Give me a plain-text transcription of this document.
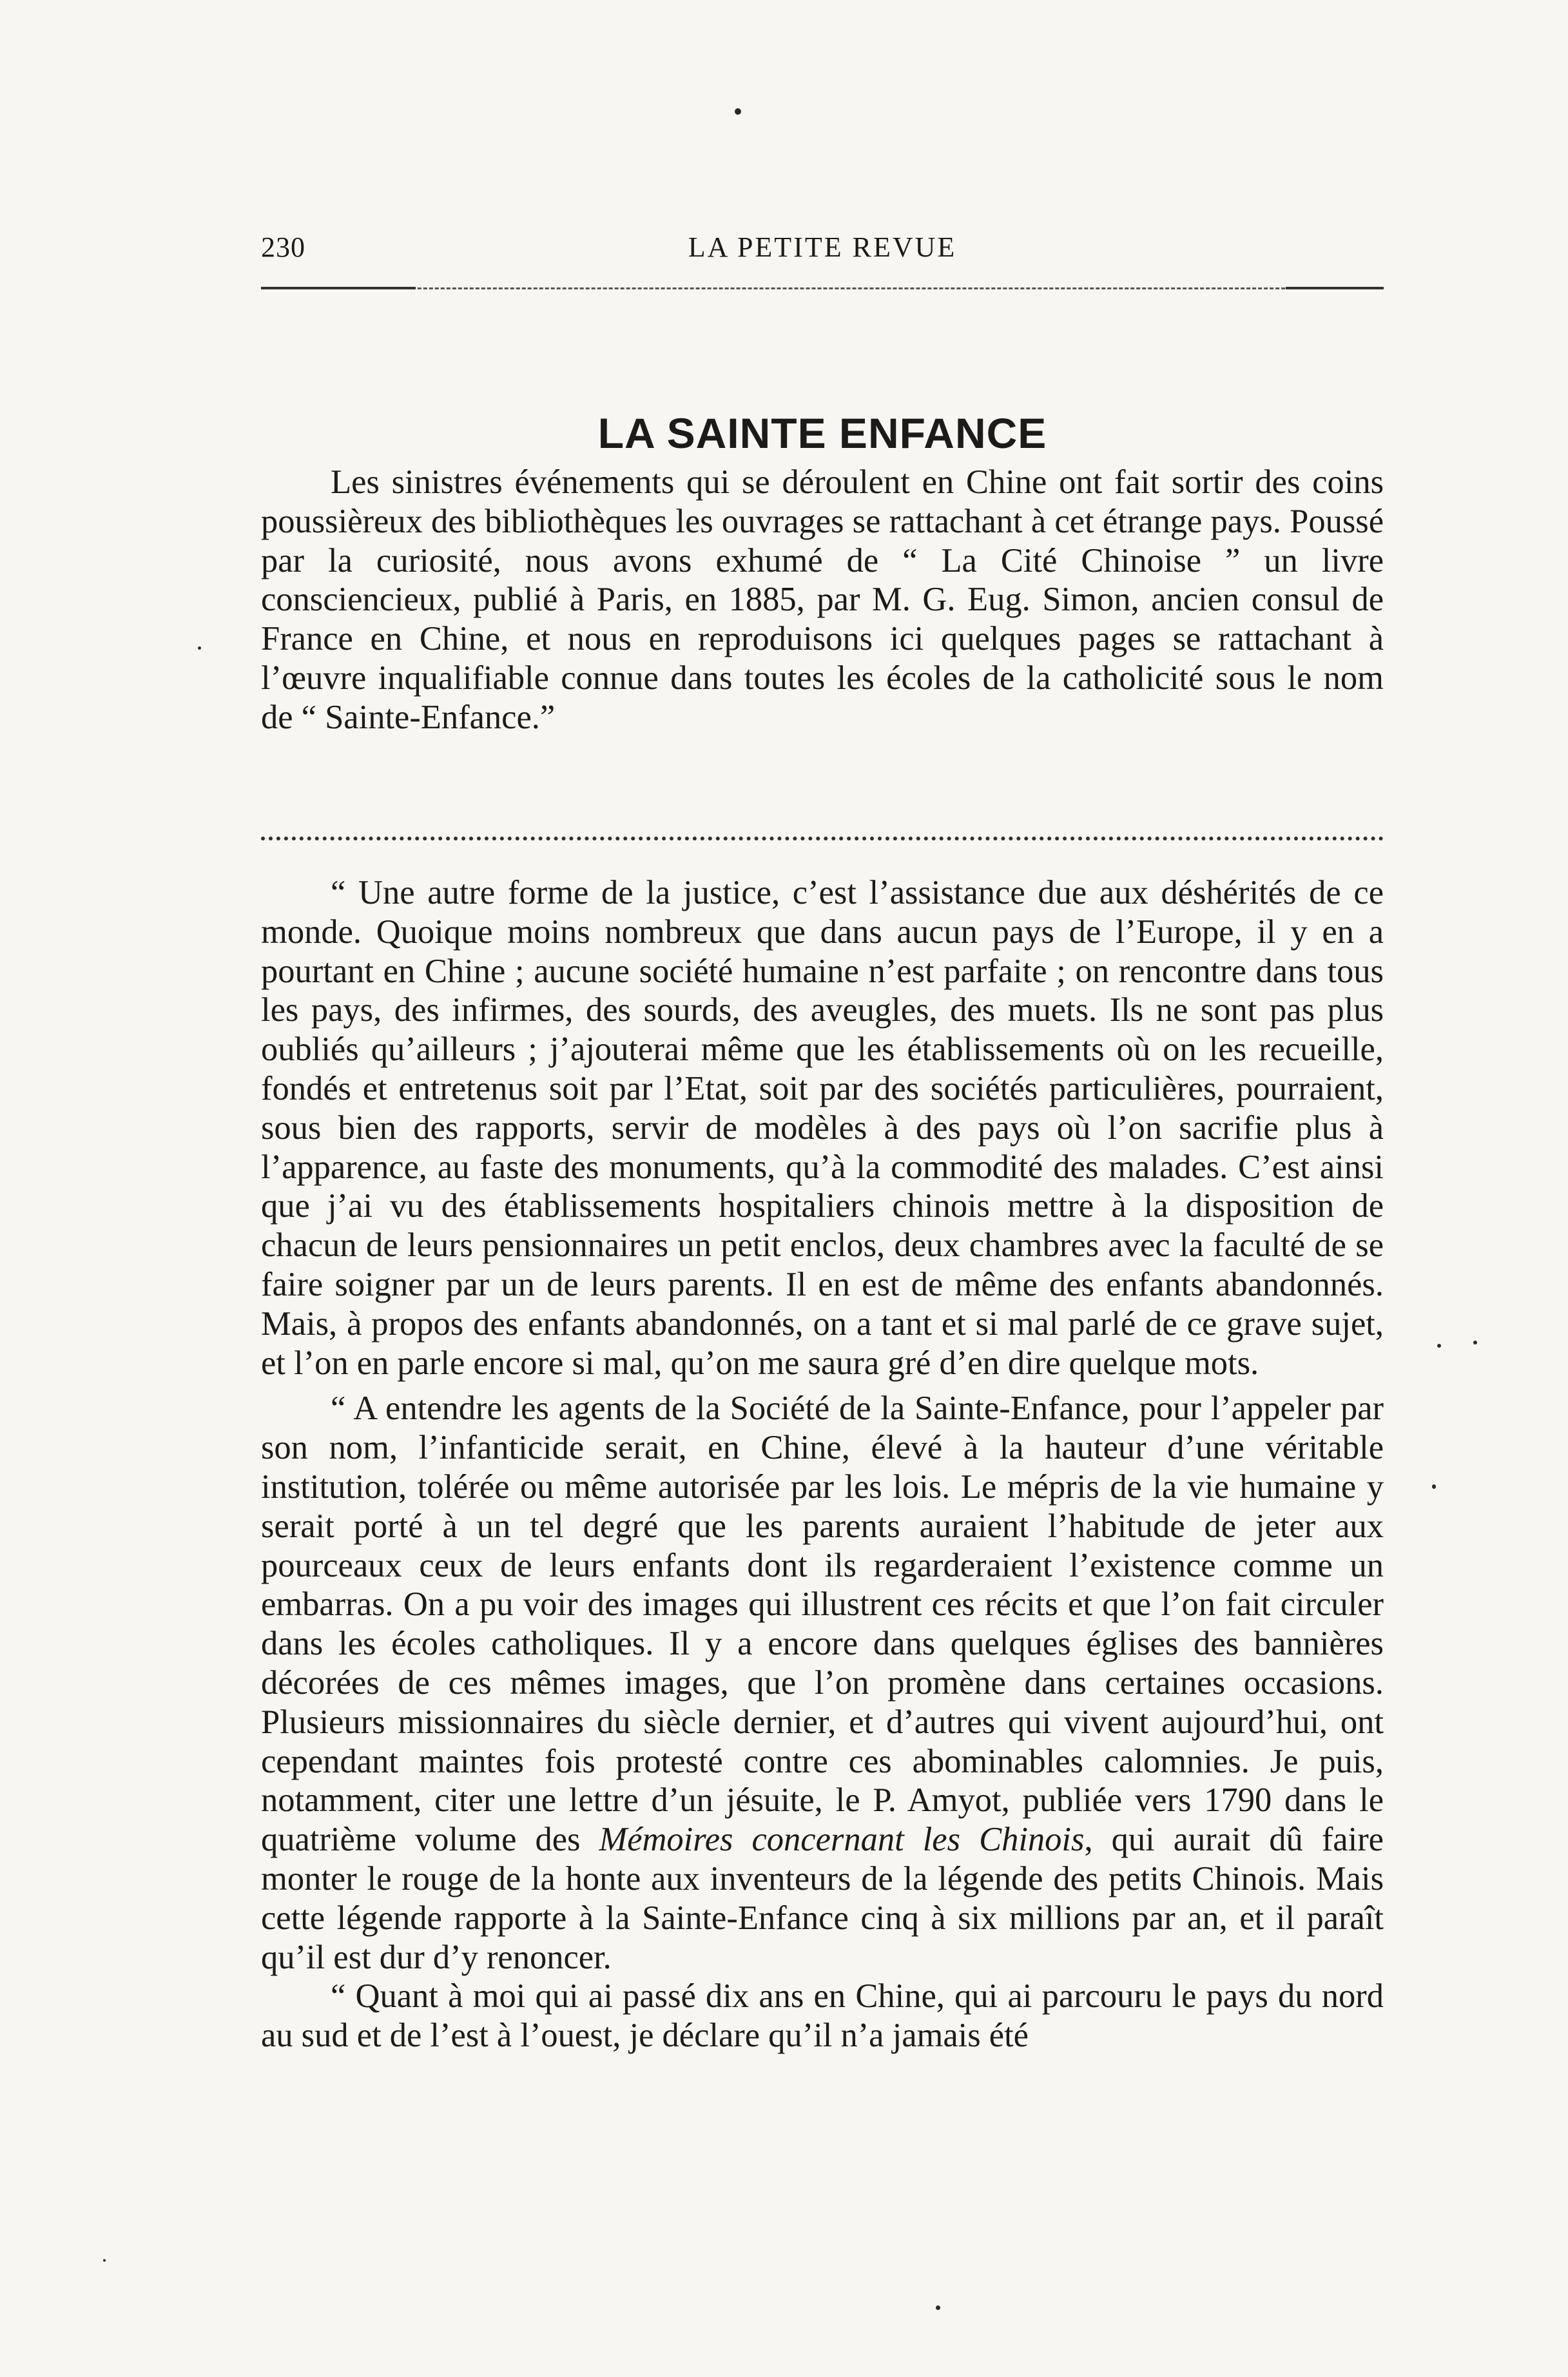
230	LA PETITE REVUE
LA SAINTE ENFANCE

Les sinistres événements qui se déroulent en Chine ont fait sortir des coins poussièreux des bibliothèques les ouvrages se rattachant à cet étrange pays. Poussé par la curiosité, nous avons exhumé de “ La Cité Chinoise ” un livre consciencieux, publié à Paris, en 1885, par M. G. Eug. Simon, ancien consul de France en Chine, et nous en reproduisons ici quelques pages se rattachant à l’œuvre inqualifiable connue dans toutes les écoles de la catholicité sous le nom de “ Sainte-Enfance.”

“ Une autre forme de la justice, c’est l’assistance due aux déshérités de ce monde. Quoique moins nombreux que dans aucun pays de l’Europe, il y en a pourtant en Chine ; aucune société humaine n’est parfaite ; on rencontre dans tous les pays, des infirmes, des sourds, des aveugles, des muets. Ils ne sont pas plus oubliés qu’ailleurs ; j’ajouterai même que les établissements où on les recueille, fondés et entretenus soit par l’Etat, soit par des sociétés particulières, pourraient, sous bien des rapports, servir de modèles à des pays où l’on sacrifie plus à l’apparence, au faste des monuments, qu’à la commodité des malades. C’est ainsi que j’ai vu des établissements hospitaliers chinois mettre à la disposition de chacun de leurs pensionnaires un petit enclos, deux chambres avec la faculté de se faire soigner par un de leurs parents. Il en est de même des enfants abandonnés. Mais, à propos des enfants abandonnés, on a tant et si mal parlé de ce grave sujet, et l’on en parle encore si mal, qu’on me saura gré d’en dire quelque mots.

“ A entendre les agents de la Société de la Sainte-Enfance, pour l’appeler par son nom, l’infanticide serait, en Chine, élevé à la hauteur d’une véritable institution, tolérée ou même autorisée par les lois. Le mépris de la vie humaine y serait porté à un tel degré que les parents auraient l’habitude de jeter aux pourceaux ceux de leurs enfants dont ils regarderaient l’existence comme un embarras. On a pu voir des images qui illustrent ces récits et que l’on fait circuler dans les écoles catholiques. Il y a encore dans quelques églises des bannières décorées de ces mêmes images, que l’on promène dans certaines occasions. Plusieurs missionnaires du siècle dernier, et d’autres qui vivent aujourd’hui, ont cependant maintes fois protesté contre ces abominables calomnies. Je puis, notamment, citer une lettre d’un jésuite, le P. Amyot, publiée vers 1790 dans le quatrième volume des Mémoires concernant les Chinois, qui aurait dû faire monter le rouge de la honte aux inventeurs de la légende des petits Chinois. Mais cette légende rapporte à la Sainte-Enfance cinq à six millions par an, et il paraît qu’il est dur d’y renoncer.

“ Quant à moi qui ai passé dix ans en Chine, qui ai parcouru le pays du nord au sud et de l’est à l’ouest, je déclare qu’il n’a jamais été
